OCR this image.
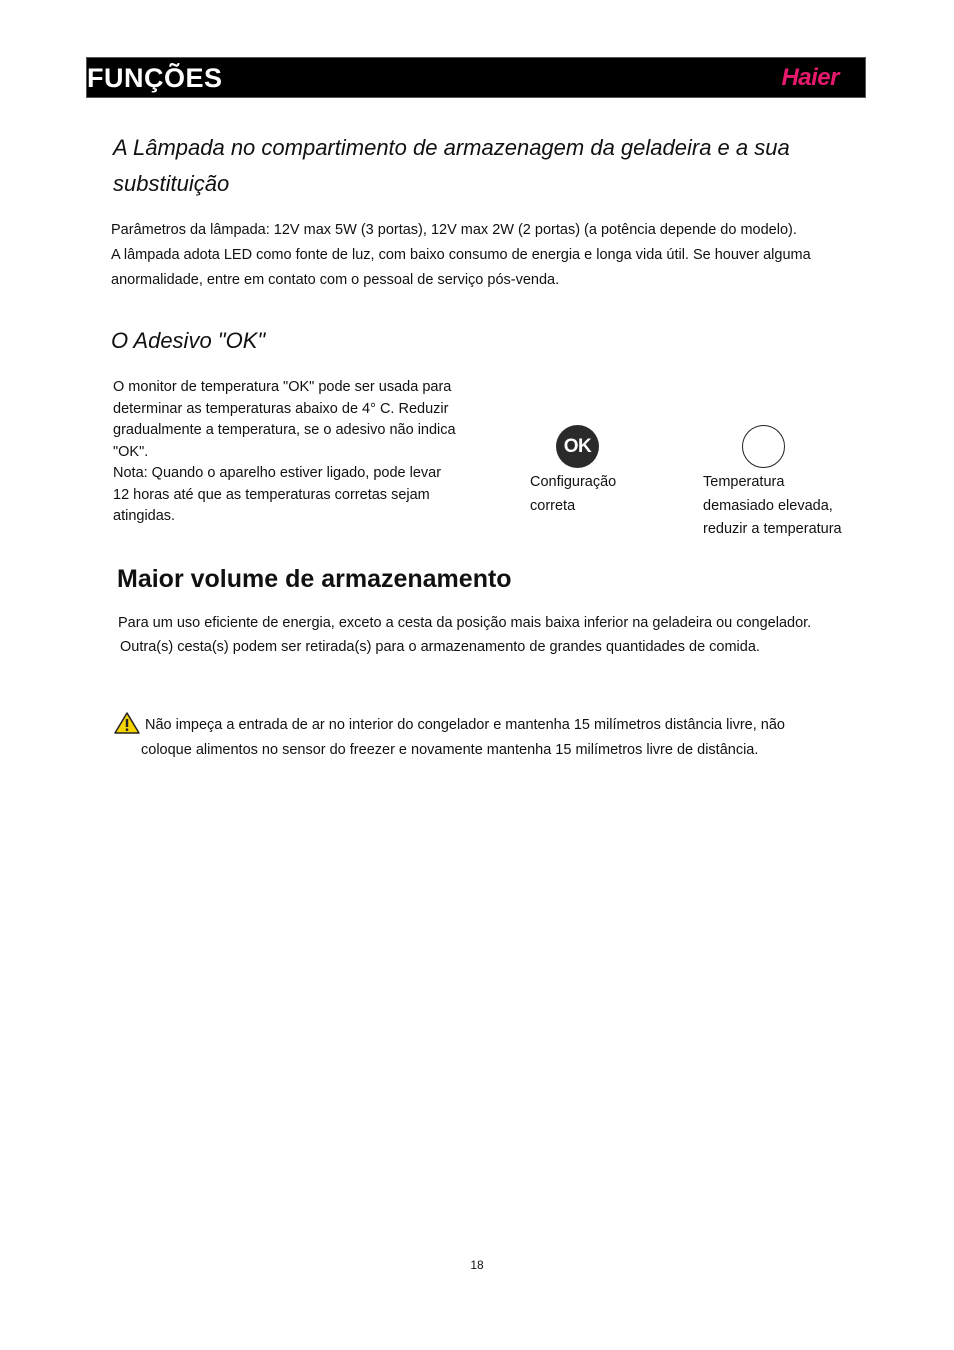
FUNÇÕES	Haier
A Lâmpada no compartimento de armazenagem da geladeira e a sua
substituição

Parâmetros da lâmpada: 12V max 5W (3 portas), 12V max 2W (2 portas) (a potência depende do modelo).

A lâmpada adota LED como fonte de luz, com baixo consumo de energia e longa vida útil. Se houver alguma

anormalidade, entre em contato com o pessoal de serviço pós-venda.

O Adesivo "OK"
O monitor de temperatura "OK" pode ser usada para
determinar as temperaturas abaixo de 4° C. Reduzir
gradualmente a temperatura, se o adesivo não indica
"OK".
Nota: Quando o aparelho estiver ligado, pode levar
12 horas até que as temperaturas corretas sejam
atingidas.
OK

Configuração

correta

Temperatura

demasiado elevada,

reduzir a temperatura

Maior volume de armazenamento

Para um uso eficiente de energia, exceto a cesta da posição mais baixa inferior na geladeira ou congelador.

Outra(s) cesta(s) podem ser retirada(s) para o armazenamento de grandes quantidades de comida.

Não impeça a entrada de ar no interior do congelador e mantenha 15 milímetros distância livre, não
coloque alimentos no sensor do freezer e novamente mantenha 15 milímetros livre de distância.
18
